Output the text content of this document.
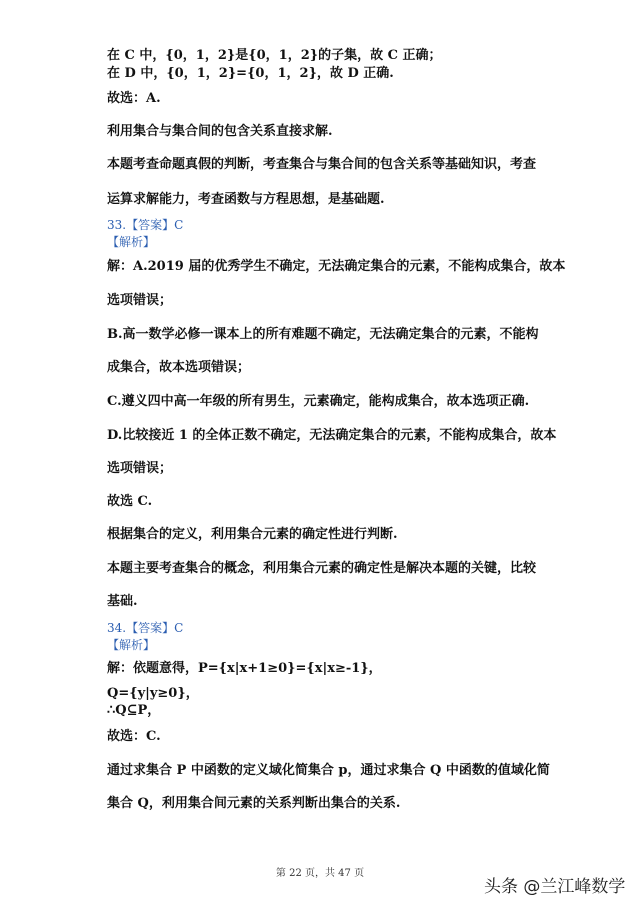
在 C 中，{0，1，2}是{0，1，2}的子集，故 C 正确；
在 D 中，{0，1，2}={0，1，2}，故 D 正确.
故选：A.
利用集合与集合间的包含关系直接求解.
本题考查命题真假的判断，考查集合与集合间的包含关系等基础知识，考查
运算求解能力，考查函数与方程思想，是基础题.
33.【答案】C
【解析】
解：A.2019 届的优秀学生不确定，无法确定集合的元素，不能构成集合，故本
选项错误；
B.高一数学必修一课本上的所有难题不确定，无法确定集合的元素，不能构
成集合，故本选项错误；
C.遵义四中高一年级的所有男生，元素确定，能构成集合，故本选项正确.
D.比较接近 1 的全体正数不确定，无法确定集合的元素，不能构成集合，故本
选项错误；
故选 C.
根据集合的定义，利用集合元素的确定性进行判断.
本题主要考查集合的概念，利用集合元素的确定性是解决本题的关键，比较
基础.
34.【答案】C
【解析】
解：依题意得，P={x|x+1≥0}={x|x≥-1}，
Q={y|y≥0}，
∴Q⊆P，
故选：C.
通过求集合 P 中函数的定义域化简集合 p，通过求集合 Q 中函数的值域化简
集合 Q，利用集合间元素的关系判断出集合的关系.
第 22 页，共 47 页
头条 @兰江峰数学
